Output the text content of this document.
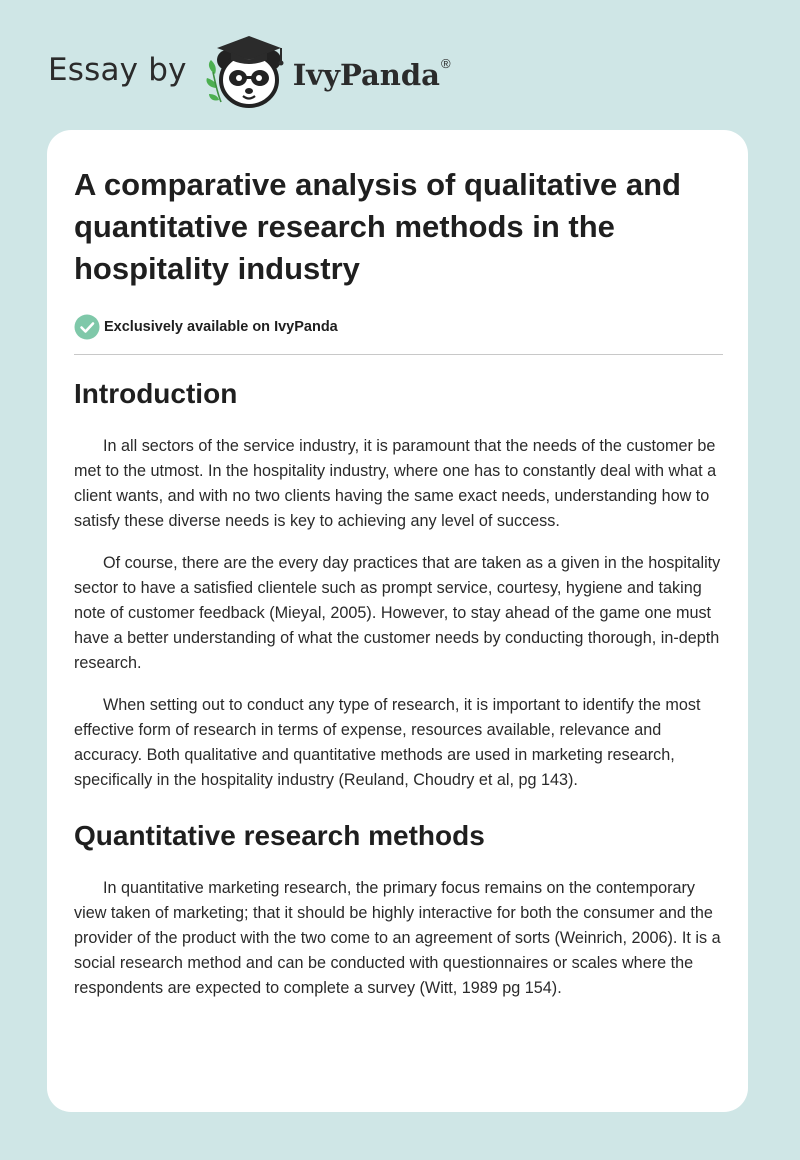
Essay by	IvyPanda®
A comparative analysis of qualitative and quantitative research methods in the hospitality industry
Exclusively available on IvyPanda
Introduction

In all sectors of the service industry, it is paramount that the needs of the customer be met to the utmost. In the hospitality industry, where one has to constantly deal with what a client wants, and with no two clients having the same exact needs, understanding how to satisfy these diverse needs is key to achieving any level of success.

Of course, there are the every day practices that are taken as a given in the hospitality sector to have a satisfied clientele such as prompt service, courtesy, hygiene and taking note of customer feedback (Mieyal, 2005). However, to stay ahead of the game one must have a better understanding of what the customer needs by conducting thorough, in-depth research.

When setting out to conduct any type of research, it is important to identify the most effective form of research in terms of expense, resources available, relevance and accuracy. Both qualitative and quantitative methods are used in marketing research, specifically in the hospitality industry (Reuland, Choudry et al, pg 143).

Quantitative research methods

In quantitative marketing research, the primary focus remains on the contemporary view taken of marketing; that it should be highly interactive for both the consumer and the provider of the product with the two come to an agreement of sorts (Weinrich, 2006). It is a social research method and can be conducted with questionnaires or scales where the respondents are expected to complete a survey (Witt, 1989 pg 154).
